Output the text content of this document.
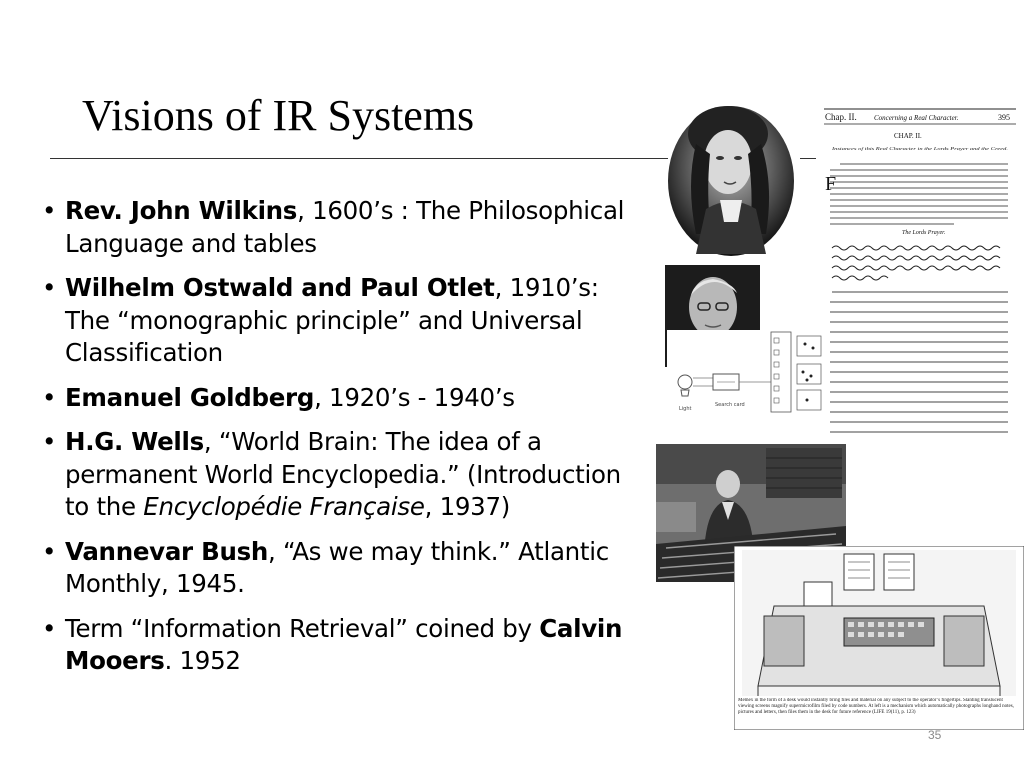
Visions of IR Systems
• Rev. John Wilkins, 1600’s : The Philosophical Language and tables
• Wilhelm Ostwald and Paul Otlet, 1910’s: The “monographic principle” and Universal Classification
• Emanuel Goldberg, 1920’s - 1940’s
• H.G. Wells, “World Brain: The idea of a permanent World Encyclopedia.” (Introduction to the Encyclopédie Française, 1937)
• Vannevar Bush, “As we may think.” Atlantic Monthly, 1945.
• Term “Information Retrieval” coined by Calvin Mooers. 1952
Light
Search card
Chap. II. Concerning a Real Character.	395
CHAP. II.
Instances of this Real Character in the Lords Prayer and the Creed.
F
The Lords Prayer.
Memex in the form of a desk would instantly bring files and material on any subject to the operator’s fingertips. Slanting translucent viewing screens magnify supermicrofilm filed by code numbers. At left is a mechanism which automatically photographs longhand notes, pictures and letters, then files them in the desk for future reference (LIFE 19(11), p. 123)
35
